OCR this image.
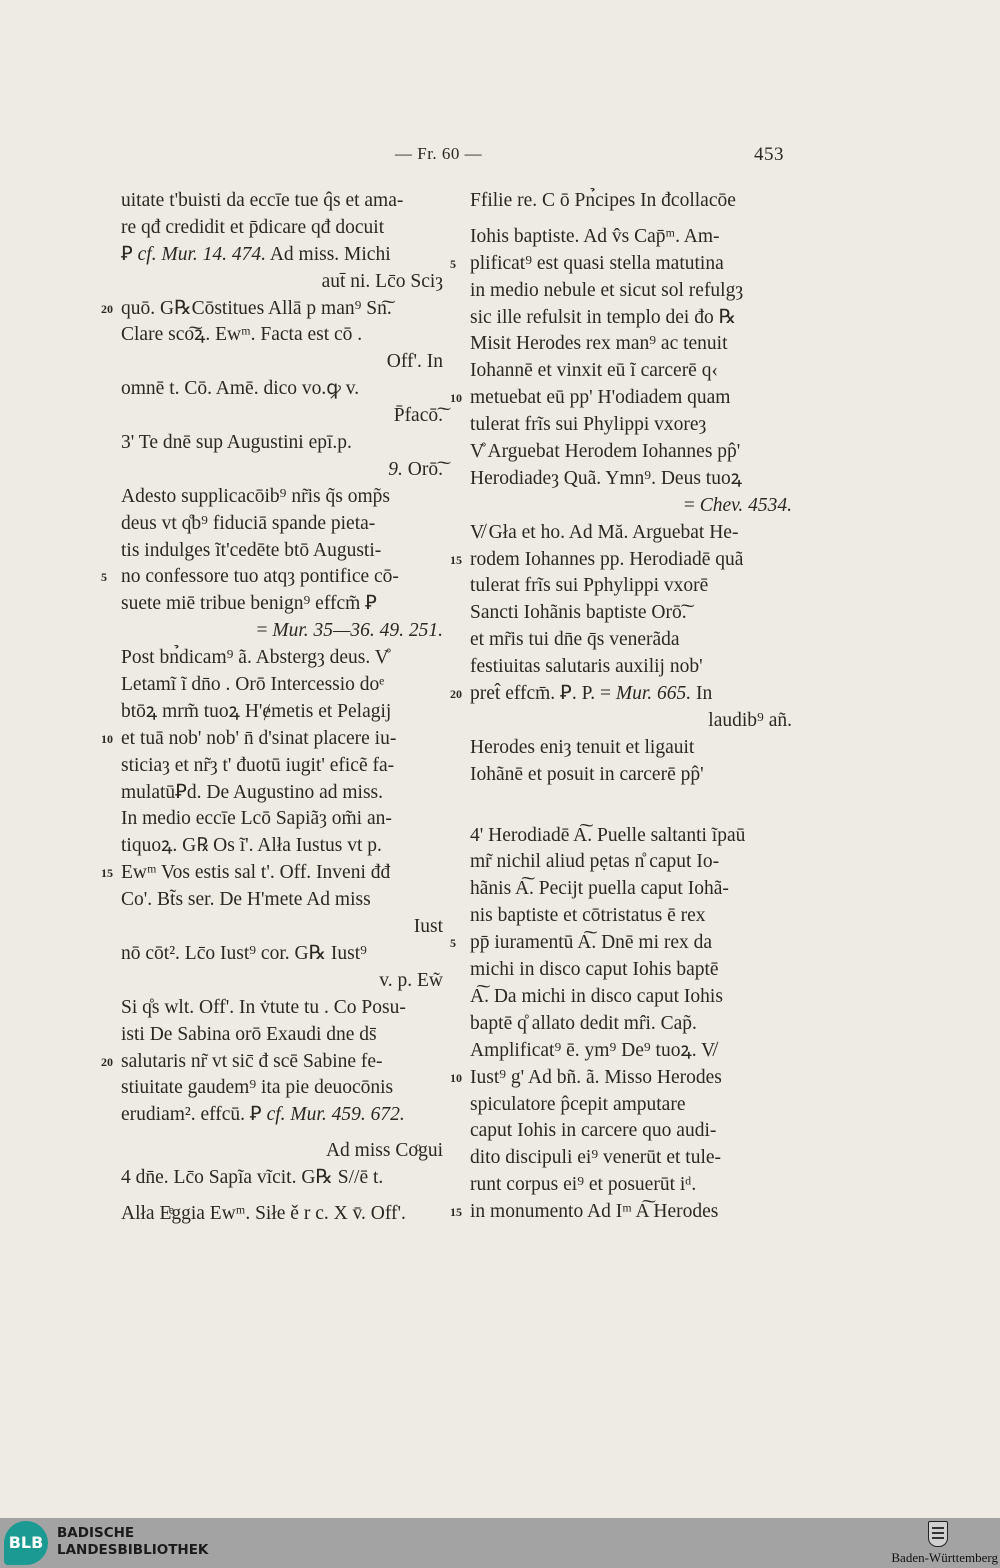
— Fr. 60 —	453
uitate t'buisti da eccīe tue q̂s et ama-
re qđ credidit et p̄dicare qđ docuit
Ꝑ cf. Mur. 14. 474. Ad miss. Michi
aut̄ ni. Lc̄o Sciȝ
20 quō. G℞Cōstitues Allā p man⁹ Sn͠.
Clare sco͠ꝝ. Ewᵐ. Facta est cō .
Off'. In
omnē t. Cō. Amē. dico vo.ꝙ v.
P̄facō͠.
3' Te dnē sup Augustini epī.p.
9. Orō͠.
Adesto supplicacōib⁹ nr̃is q̃s omp̃s
deus vt q̊b⁹ fiduciā spande pieta-
tis indulges ĩt'cedēte btō Augusti-
5 no confessore tuo atqȝ pontifice cō-
suete miē tribue benign⁹ effcm̃ Ꝑ
= Mur. 35—36. 49. 251.
Post bn̉dicam⁹ ã. Abstergȝ deus. V̊
Letamĩ ĩ dn̄o . Orō Intercessio doᵉ
btōꝝ mrm̃ tuoꝝ H'ɇmetis et Pelagij
10 et tuā nob' nob' n̄ d'sinat placere iu-
sticiaȝ et nr̃ȝ t' đuotū iugit' eficẽ fa-
mulatūꝐd. De Augustino ad miss.
In medio eccīe Lcō Sapiãȝ om̃i an-
tiquoꝝ. G℞ Os ĩ'. Alła Iustus vt p.
15 Ewᵐ Vos estis sal t'. Off. Inveni đđ
Co'. Bt̃s ser. De H'mete Ad miss
Iust
nō cōt². Lc̄o Iust⁹ cor. G℞ Iust⁹
v. p. Ew̃
Si q̊s wlt. Off'. In v̇tute tu . Co Posu-
isti De Sabina orō Exaudi dne ds̄
20 salutaris nr̃ vt sic̄ đ scē Sabine fe-
stiuitate gaudem⁹ ita pie deuocōnis
erudiam². effcū. Ꝑ cf. Mur. 459. 672.
Ad miss Coͦgui
4 dn̄e. Lc̄o Sapĩa vĩcit. G℞ S//ē t.
Alła Eͤggia Ewᵐ. Siłe ě r c. X v̄. Off'.
Ffilie re. C ō Pn̉cipes In đcollacōe
Iohis baptiste. Ad v̂s Cap̄ᵐ. Am-
5 plificat⁹ est quasi stella matutina
in medio nebule et sicut sol refulgȝ
sic ille refulsit in templo dei đo ℞
Misit Herodes rex man⁹ ac tenuit
Iohannē et vinxit eū ĩ carcerē q‹
10 metuebat eū pp' H'odiadem quam
tulerat frĩs sui Phylippi vxoreȝ
V̊ Arguebat Herodem Iohannes pp̂'
Herodiadeȝ Quã. Ymn⁹. Deus tuoꝝ
= Chev. 4534.
V̸ Głа et ho. Ad Mă. Arguebat He-
15 rodem Iohannes pp. Herodiadē quã
tulerat frĩs sui Pphylippi vxorē
Sancti Iohãnis baptiste Orō͠.
et mr̃is tui dn̄e q̄s venerãda
festiuitas salutaris auxilij nob'
20 pret̂ effcm̄. Ꝑ. P. = Mur. 665. In
laudib⁹ añ.
Herodes eniȝ tenuit et ligauit
Iohãnē et posuit in carcerē pp̂'
4' Herodiadē A͠. Puelle saltanti ĩpaū
mr̃ nichil aliud pẹtas n̊ caput Io-
hãnis A͠. Pecijt puella caput Iohã-
nis baptiste et cōtristatus ē rex
5 pp̄ iuramentū A͠. Dnē mi rex da
michi in disco caput Iohis baptē
A͠. Da michi in disco caput Iohis
baptē q̊ allato dedit mr̂i. Cap̃.
Amplificat⁹ ē. ym⁹ De⁹ tuoꝝ. V̸
10 Iust⁹ g' Ad bñ. ã. Misso Herodes
spiculatore p̂cepit amputare
caput Iohis in carcere quo audi-
dito discipuli ei⁹ venerūt et tule-
runt corpus ei⁹ et posuerūt iᵈ.
15 in monumento Ad Iᵐ A͠ Herodes
BLB	BADISCHE
LANDESBIBLIOTHEK	Baden-Württemberg
